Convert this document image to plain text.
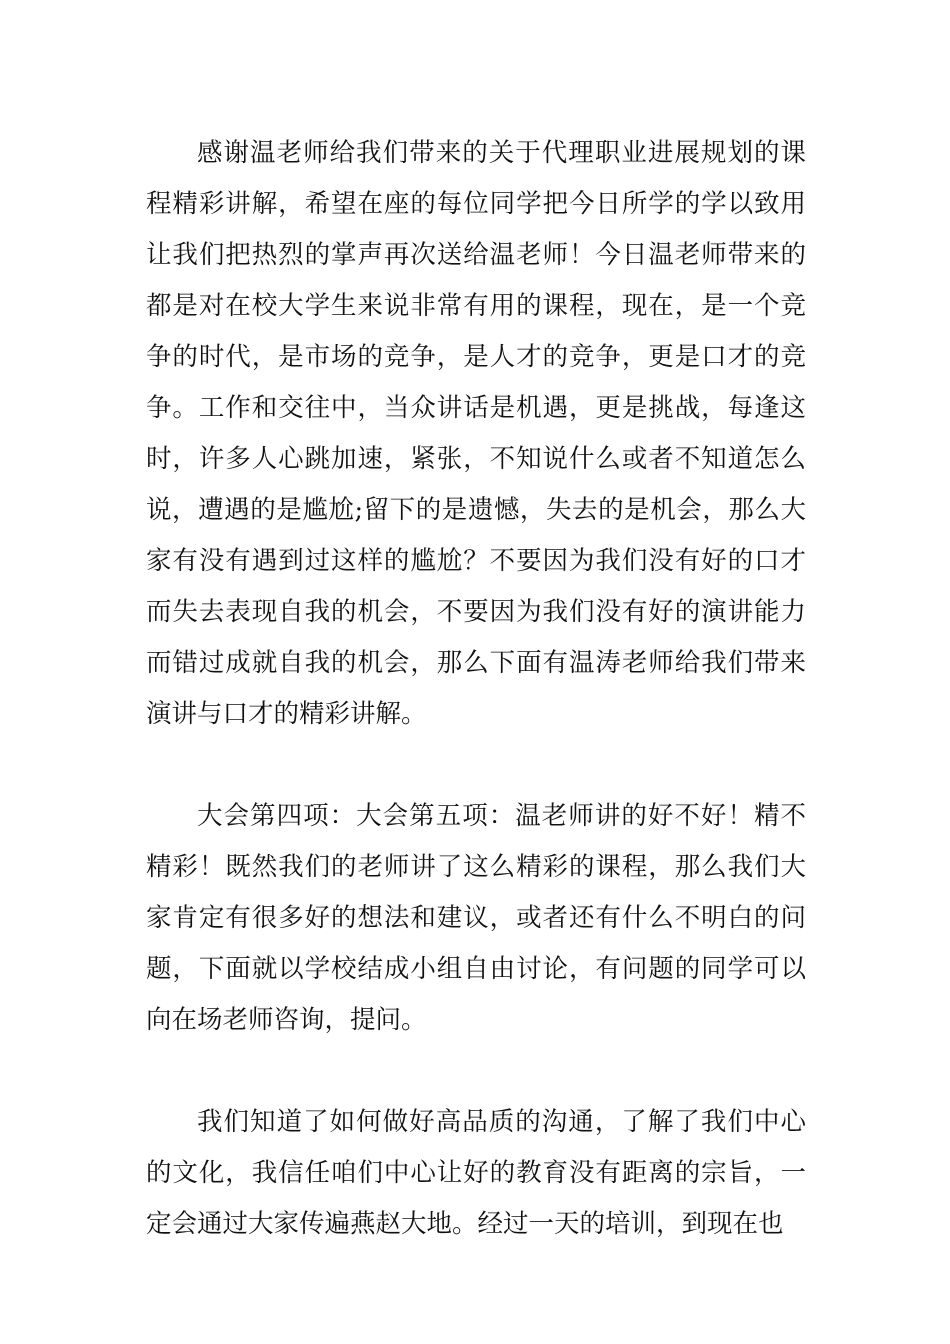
感谢温老师给我们带来的关于代理职业进展规划的课程精彩讲解，希望在座的每位同学把今日所学的学以致用让我们把热烈的掌声再次送给温老师！今日温老师带来的都是对在校大学生来说非常有用的课程，现在，是一个竞争的时代，是市场的竞争，是人才的竞争，更是口才的竞争。工作和交往中，当众讲话是机遇，更是挑战，每逢这时，许多人心跳加速，紧张，不知说什么或者不知道怎么说，遭遇的是尴尬;留下的是遗憾，失去的是机会，那么大家有没有遇到过这样的尴尬？不要因为我们没有好的口才而失去表现自我的机会，不要因为我们没有好的演讲能力而错过成就自我的机会，那么下面有温涛老师给我们带来演讲与口才的精彩讲解。

大会第四项：大会第五项：温老师讲的好不好！精不精彩！既然我们的老师讲了这么精彩的课程，那么我们大家肯定有很多好的想法和建议，或者还有什么不明白的问题，下面就以学校结成小组自由讨论，有问题的同学可以向在场老师咨询，提问。

我们知道了如何做好高品质的沟通，了解了我们中心的文化，我信任咱们中心让好的教育没有距离的宗旨，一定会通过大家传遍燕赵大地。经过一天的培训，到现在也
